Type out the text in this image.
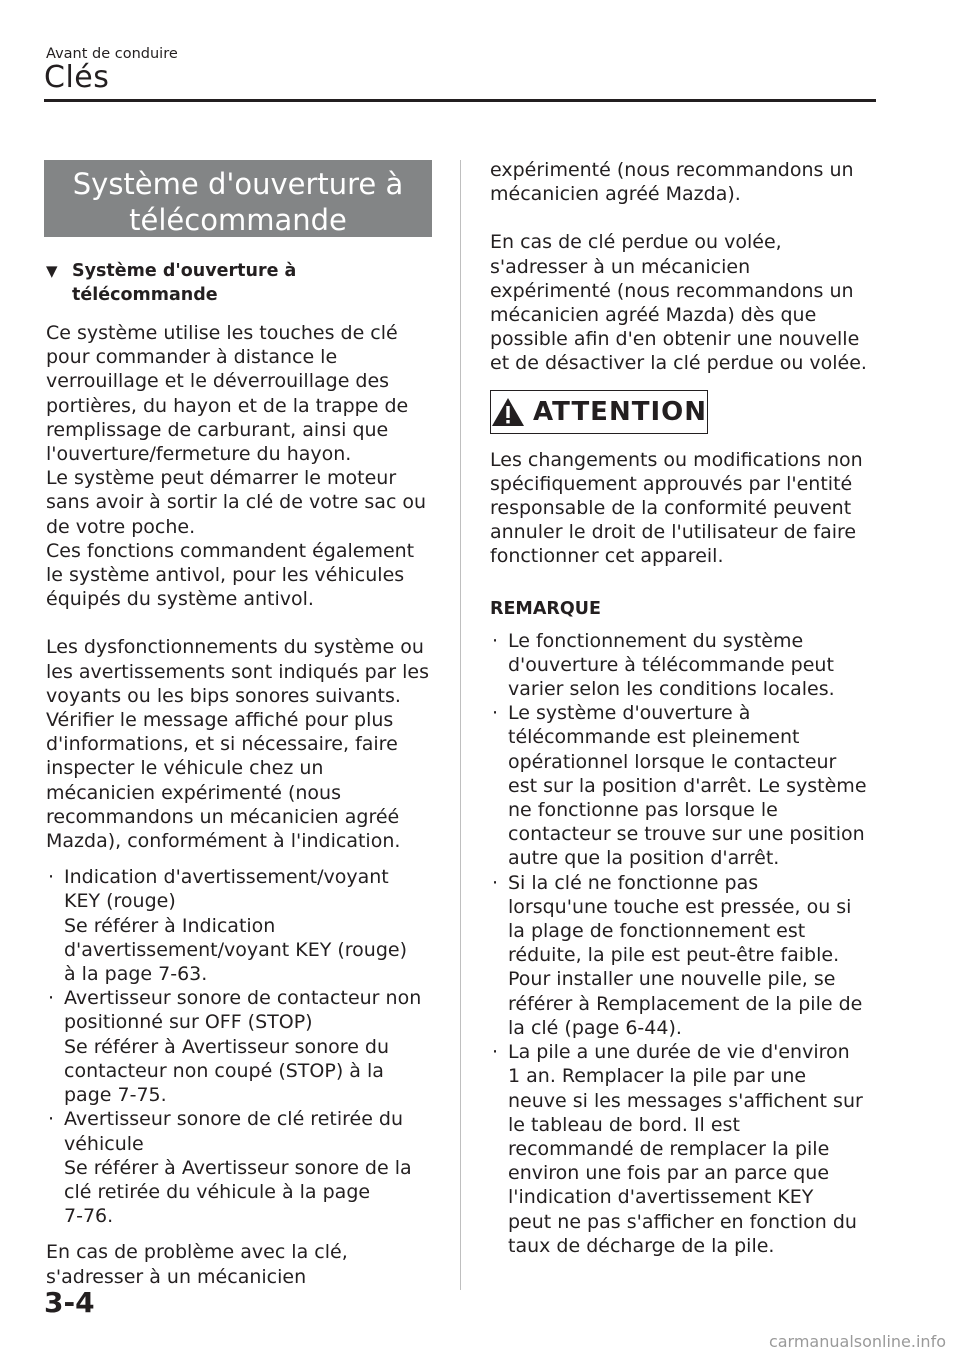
Avant de conduire
Clés
Système d'ouverture à télécommande
▼ Système d'ouverture à télécommande

Ce système utilise les touches de clé

pour commander à distance le

verrouillage et le déverrouillage des

portières, du hayon et de la trappe de

remplissage de carburant, ainsi que

l'ouverture/fermeture du hayon.

Le système peut démarrer le moteur

sans avoir à sortir la clé de votre sac ou

de votre poche.

Ces fonctions commandent également

le système antivol, pour les véhicules

équipés du système antivol.

Les dysfonctionnements du système ou

les avertissements sont indiqués par les

voyants ou les bips sonores suivants.

Vérifier le message affiché pour plus

d'informations, et si nécessaire, faire

inspecter le véhicule chez un

mécanicien expérimenté (nous

recommandons un mécanicien agréé

Mazda), conformément à l'indication.

· Indication d'avertissement/voyant

KEY (rouge)

Se référer à Indication

d'avertissement/voyant KEY (rouge)

à la page 7-63.

· Avertisseur sonore de contacteur non

positionné sur OFF (STOP)

Se référer à Avertisseur sonore du

contacteur non coupé (STOP) à la

page 7-75.

· Avertisseur sonore de clé retirée du

véhicule

Se référer à Avertisseur sonore de la

clé retirée du véhicule à la page

7-76.

En cas de problème avec la clé,

s'adresser à un mécanicien

expérimenté (nous recommandons un

mécanicien agréé Mazda).

En cas de clé perdue ou volée,

s'adresser à un mécanicien

expérimenté (nous recommandons un

mécanicien agréé Mazda) dès que

possible afin d'en obtenir une nouvelle

et de désactiver la clé perdue ou volée.

ATTENTION

Les changements ou modifications non

spécifiquement approuvés par l'entité

responsable de la conformité peuvent

annuler le droit de l'utilisateur de faire

fonctionner cet appareil.

REMARQUE
· Le fonctionnement du système

d'ouverture à télécommande peut

varier selon les conditions locales.

· Le système d'ouverture à

télécommande est pleinement

opérationnel lorsque le contacteur

est sur la position d'arrêt. Le système

ne fonctionne pas lorsque le

contacteur se trouve sur une position

autre que la position d'arrêt.

· Si la clé ne fonctionne pas

lorsqu'une touche est pressée, ou si

la plage de fonctionnement est

réduite, la pile est peut-être faible.

Pour installer une nouvelle pile, se

référer à Remplacement de la pile de

la clé (page 6-44).

· La pile a une durée de vie d'environ

1 an. Remplacer la pile par une

neuve si les messages s'affichent sur

le tableau de bord. Il est

recommandé de remplacer la pile

environ une fois par an parce que

l'indication d'avertissement KEY

peut ne pas s'afficher en fonction du

taux de décharge de la pile.

3-4
carmanualsonline.info
